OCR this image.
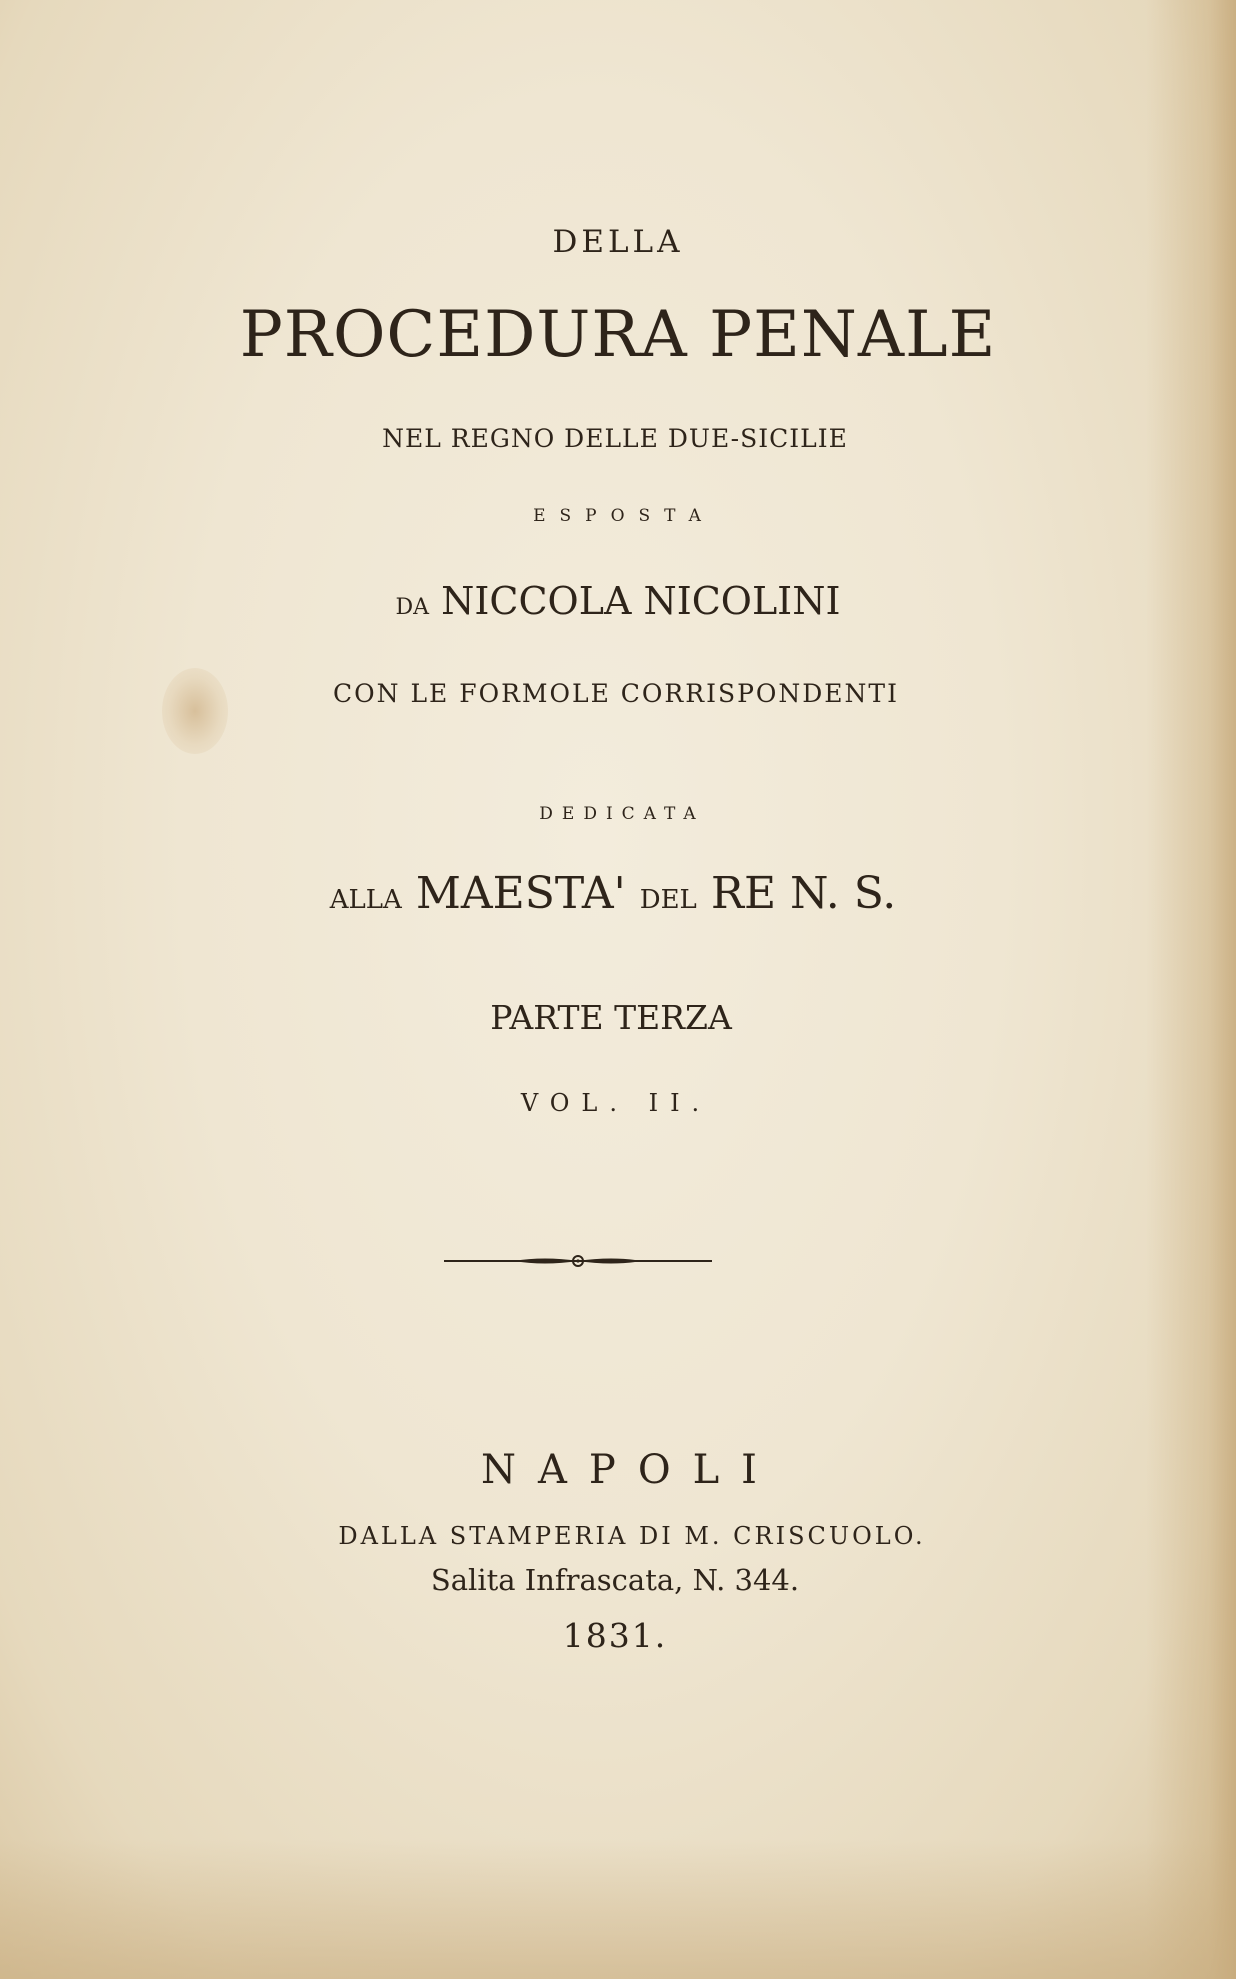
DELLA
PROCEDURA PENALE
NEL REGNO DELLE DUE-SICILIE
ESPOSTA
DA NICCOLA NICOLINI
CON LE FORMOLE CORRISPONDENTI
DEDICATA
ALLA MAESTA' DEL RE N. S.
PARTE TERZA
VOL. II.
NAPOLI
DALLA STAMPERIA DI M. CRISCUOLO.
Salita Infrascata, N. 344.
1831.
